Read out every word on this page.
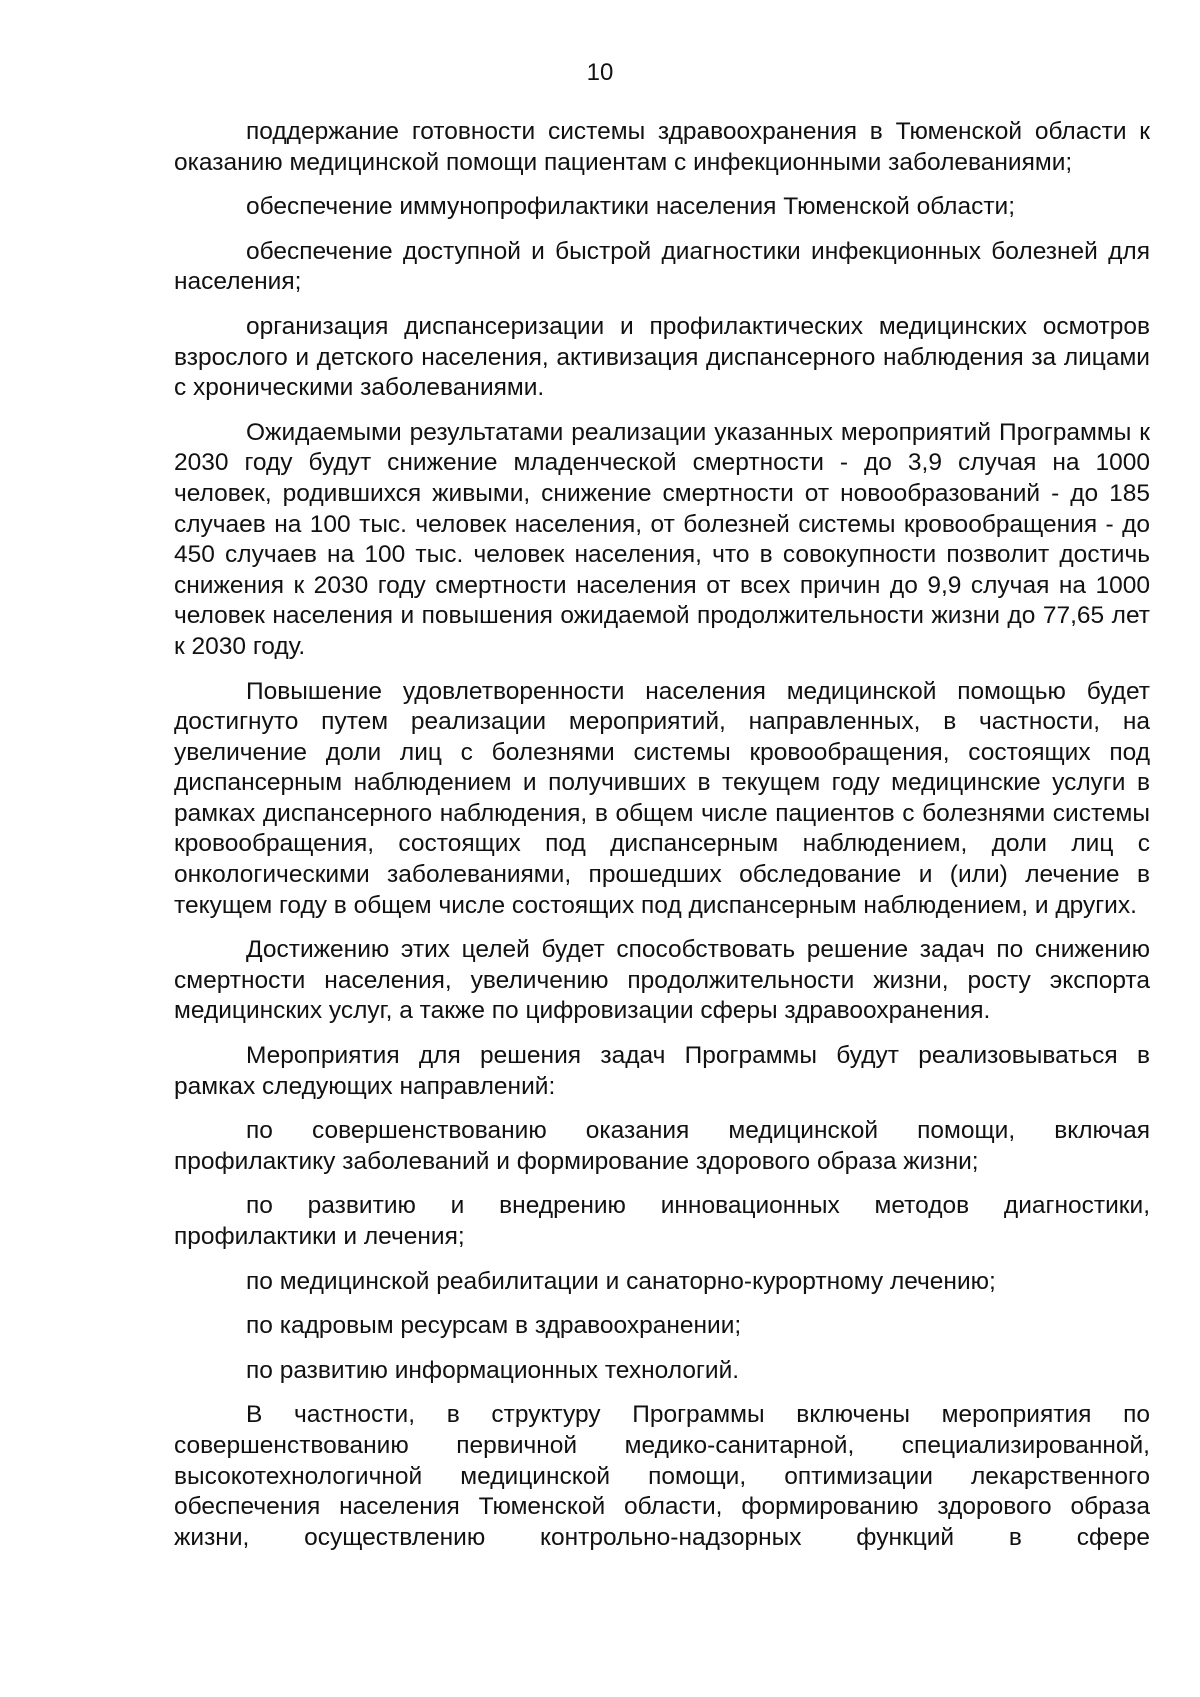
10

поддержание готовности системы здравоохранения в Тюменской области к оказанию медицинской помощи пациентам с инфекционными заболеваниями;

обеспечение иммунопрофилактики населения Тюменской области;

обеспечение доступной и быстрой диагностики инфекционных болезней для населения;

организация диспансеризации и профилактических медицинских осмотров взрослого и детского населения, активизация диспансерного наблюдения за лицами с хроническими заболеваниями.

Ожидаемыми результатами реализации указанных мероприятий Программы к 2030 году будут снижение младенческой смертности - до 3,9 случая на 1000 человек, родившихся живыми, снижение смертности от новообразований - до 185 случаев на 100 тыс. человек населения, от болезней системы кровообращения - до 450 случаев на 100 тыс. человек населения, что в совокупности позволит достичь снижения к 2030 году смертности населения от всех причин до 9,9 случая на 1000 человек населения и повышения ожидаемой продолжительности жизни до 77,65 лет к 2030 году.

Повышение удовлетворенности населения медицинской помощью будет достигнуто путем реализации мероприятий, направленных, в частности, на увеличение доли лиц с болезнями системы кровообращения, состоящих под диспансерным наблюдением и получивших в текущем году медицинские услуги в рамках диспансерного наблюдения, в общем числе пациентов с болезнями системы кровообращения, состоящих под диспансерным наблюдением, доли лиц с онкологическими заболеваниями, прошедших обследование и (или) лечение в текущем году в общем числе состоящих под диспансерным наблюдением, и других.

Достижению этих целей будет способствовать решение задач по снижению смертности населения, увеличению продолжительности жизни, росту экспорта медицинских услуг, а также по цифровизации сферы здравоохранения.

Мероприятия для решения задач Программы будут реализовываться в рамках следующих направлений:

по совершенствованию оказания медицинской помощи, включая профилактику заболеваний и формирование здорового образа жизни;

по развитию и внедрению инновационных методов диагностики, профилактики и лечения;

по медицинской реабилитации и санаторно-курортному лечению;

по кадровым ресурсам в здравоохранении;

по развитию информационных технологий.

В частности, в структуру Программы включены мероприятия по совершенствованию первичной медико-санитарной, специализированной, высокотехнологичной медицинской помощи, оптимизации лекарственного обеспечения населения Тюменской области, формированию здорового образа жизни, осуществлению контрольно-надзорных функций в сфере
